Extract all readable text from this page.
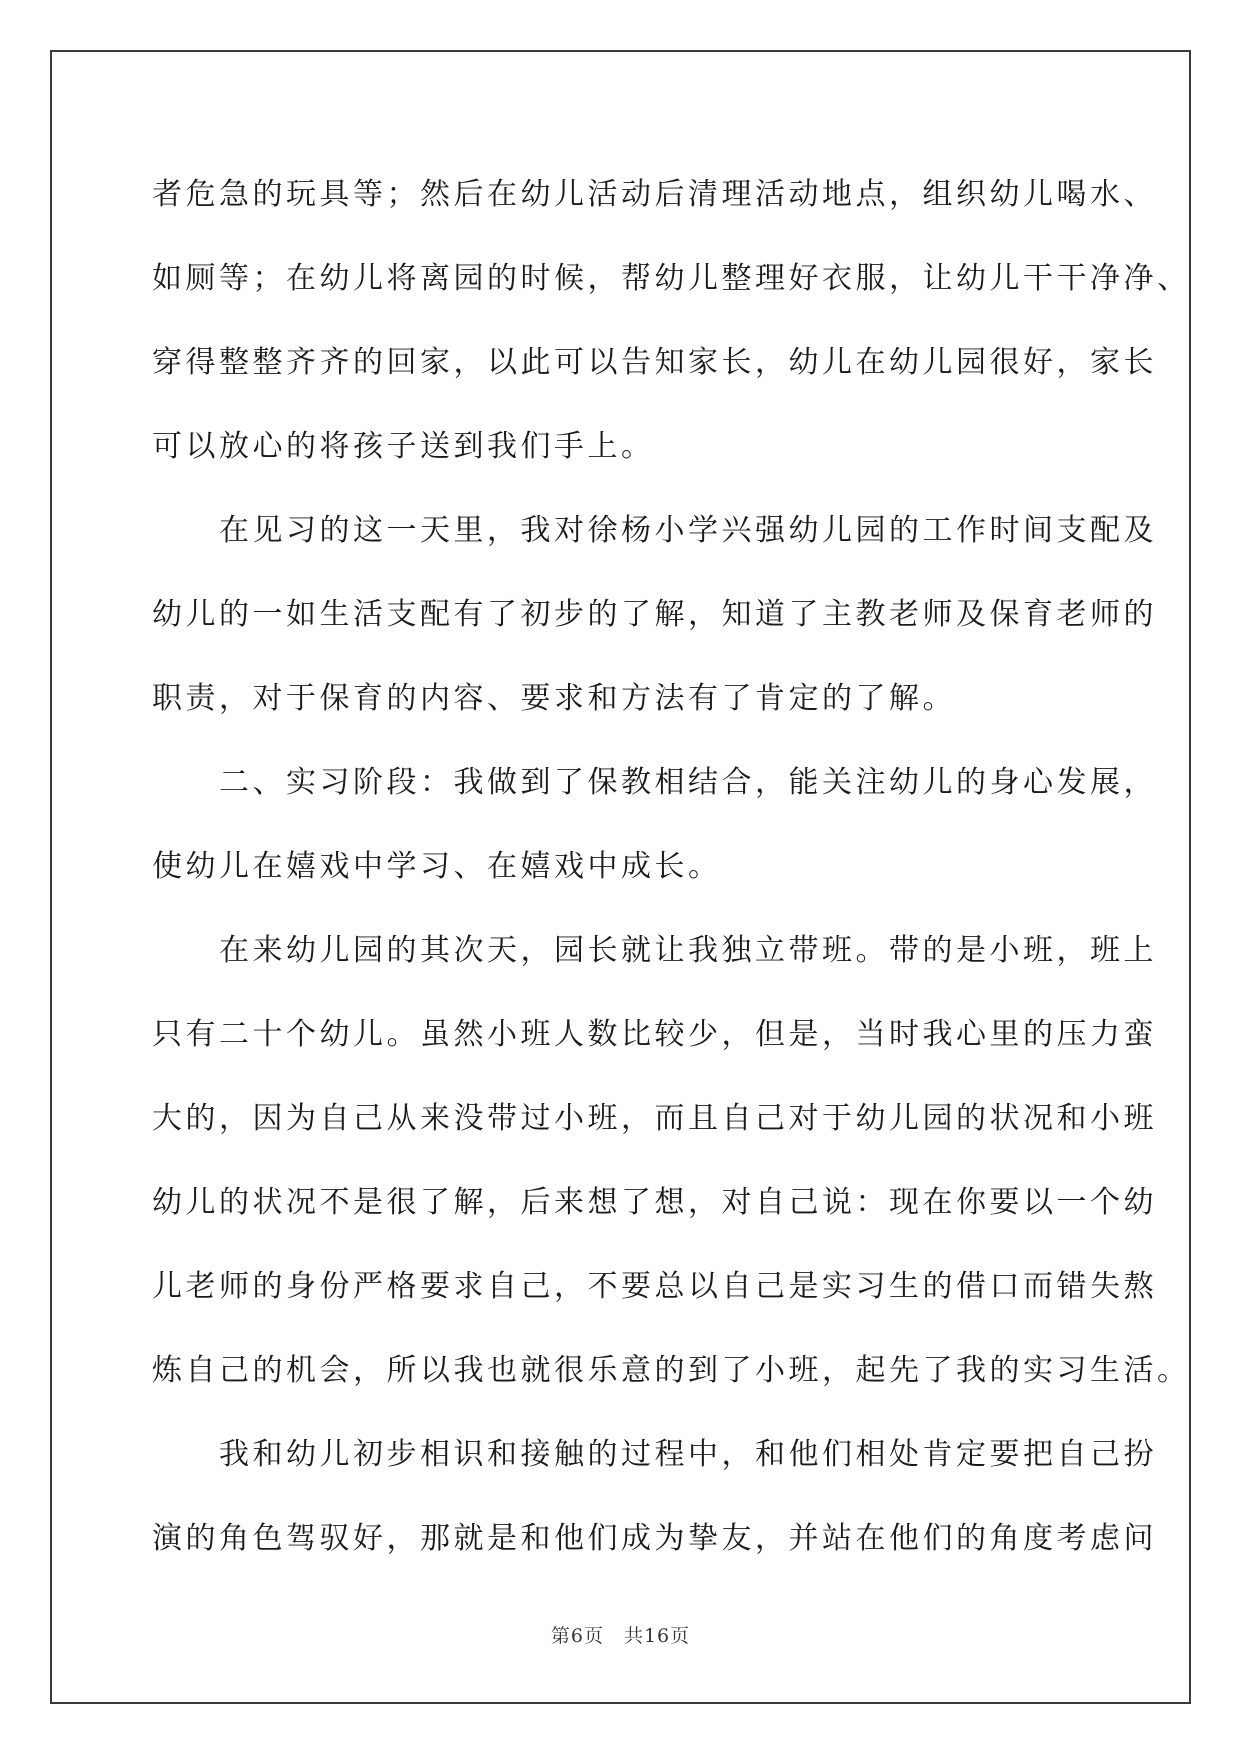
者危急的玩具等；然后在幼儿活动后清理活动地点，组织幼儿喝水、
如厕等；在幼儿将离园的时候，帮幼儿整理好衣服，让幼儿干干净净、
穿得整整齐齐的回家，以此可以告知家长，幼儿在幼儿园很好，家长
可以放心的将孩子送到我们手上。
　　在见习的这一天里，我对徐杨小学兴强幼儿园的工作时间支配及
幼儿的一如生活支配有了初步的了解，知道了主教老师及保育老师的
职责，对于保育的内容、要求和方法有了肯定的了解。
　　二、实习阶段：我做到了保教相结合，能关注幼儿的身心发展，
使幼儿在嬉戏中学习、在嬉戏中成长。
　　在来幼儿园的其次天，园长就让我独立带班。带的是小班，班上
只有二十个幼儿。虽然小班人数比较少，但是，当时我心里的压力蛮
大的，因为自己从来没带过小班，而且自己对于幼儿园的状况和小班
幼儿的状况不是很了解，后来想了想，对自己说：现在你要以一个幼
儿老师的身份严格要求自己，不要总以自己是实习生的借口而错失熬
炼自己的机会，所以我也就很乐意的到了小班，起先了我的实习生活。
　　我和幼儿初步相识和接触的过程中，和他们相处肯定要把自己扮
演的角色驾驭好，那就是和他们成为挚友，并站在他们的角度考虑问
第6页　共16页
